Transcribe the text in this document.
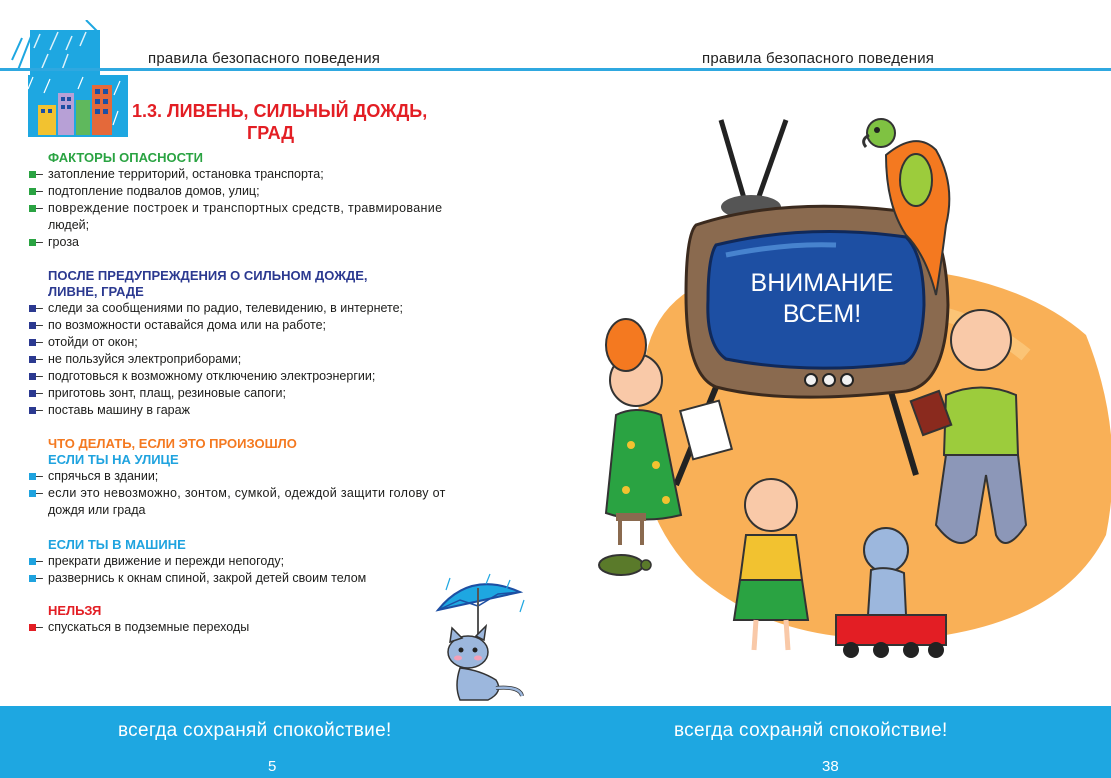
правила безопасного поведения
1.3. ЛИВЕНЬ, СИЛЬНЫЙ ДОЖДЬ,
ГРАД
ФАКТОРЫ ОПАСНОСТИ
– затопление территорий, остановка транспорта;
– подтопление подвалов домов, улиц;
– повреждение построек и транспортных средств, травмирование
людей;
– гроза
ПОСЛЕ ПРЕДУПРЕЖДЕНИЯ О СИЛЬНОМ ДОЖДЕ,
ЛИВНЕ, ГРАДЕ
– следи за сообщениями по радио, телевидению, в интернете;
– по возможности оставайся дома или на работе;
– отойди от окон;
– не пользуйся электроприборами;
– подготовься к возможному отключению электроэнергии;
– приготовь зонт, плащ, резиновые сапоги;
– поставь машину в гараж
ЧТО ДЕЛАТЬ, ЕСЛИ ЭТО ПРОИЗОШЛО
ЕСЛИ ТЫ НА УЛИЦЕ
– спрячься в здании;
– если это невозможно, зонтом, сумкой, одеждой защити голову от
дождя или града
ЕСЛИ ТЫ В МАШИНЕ
– прекрати движение и пережди непогоду;
– развернись к окнам спиной, закрой детей своим телом
НЕЛЬЗЯ
– спускаться в подземные переходы
правила безопасного поведения
ВНИМАНИЕ
ВСЕМ!
всегда сохраняй спокойствие!
5
всегда сохраняй спокойствие!
38
